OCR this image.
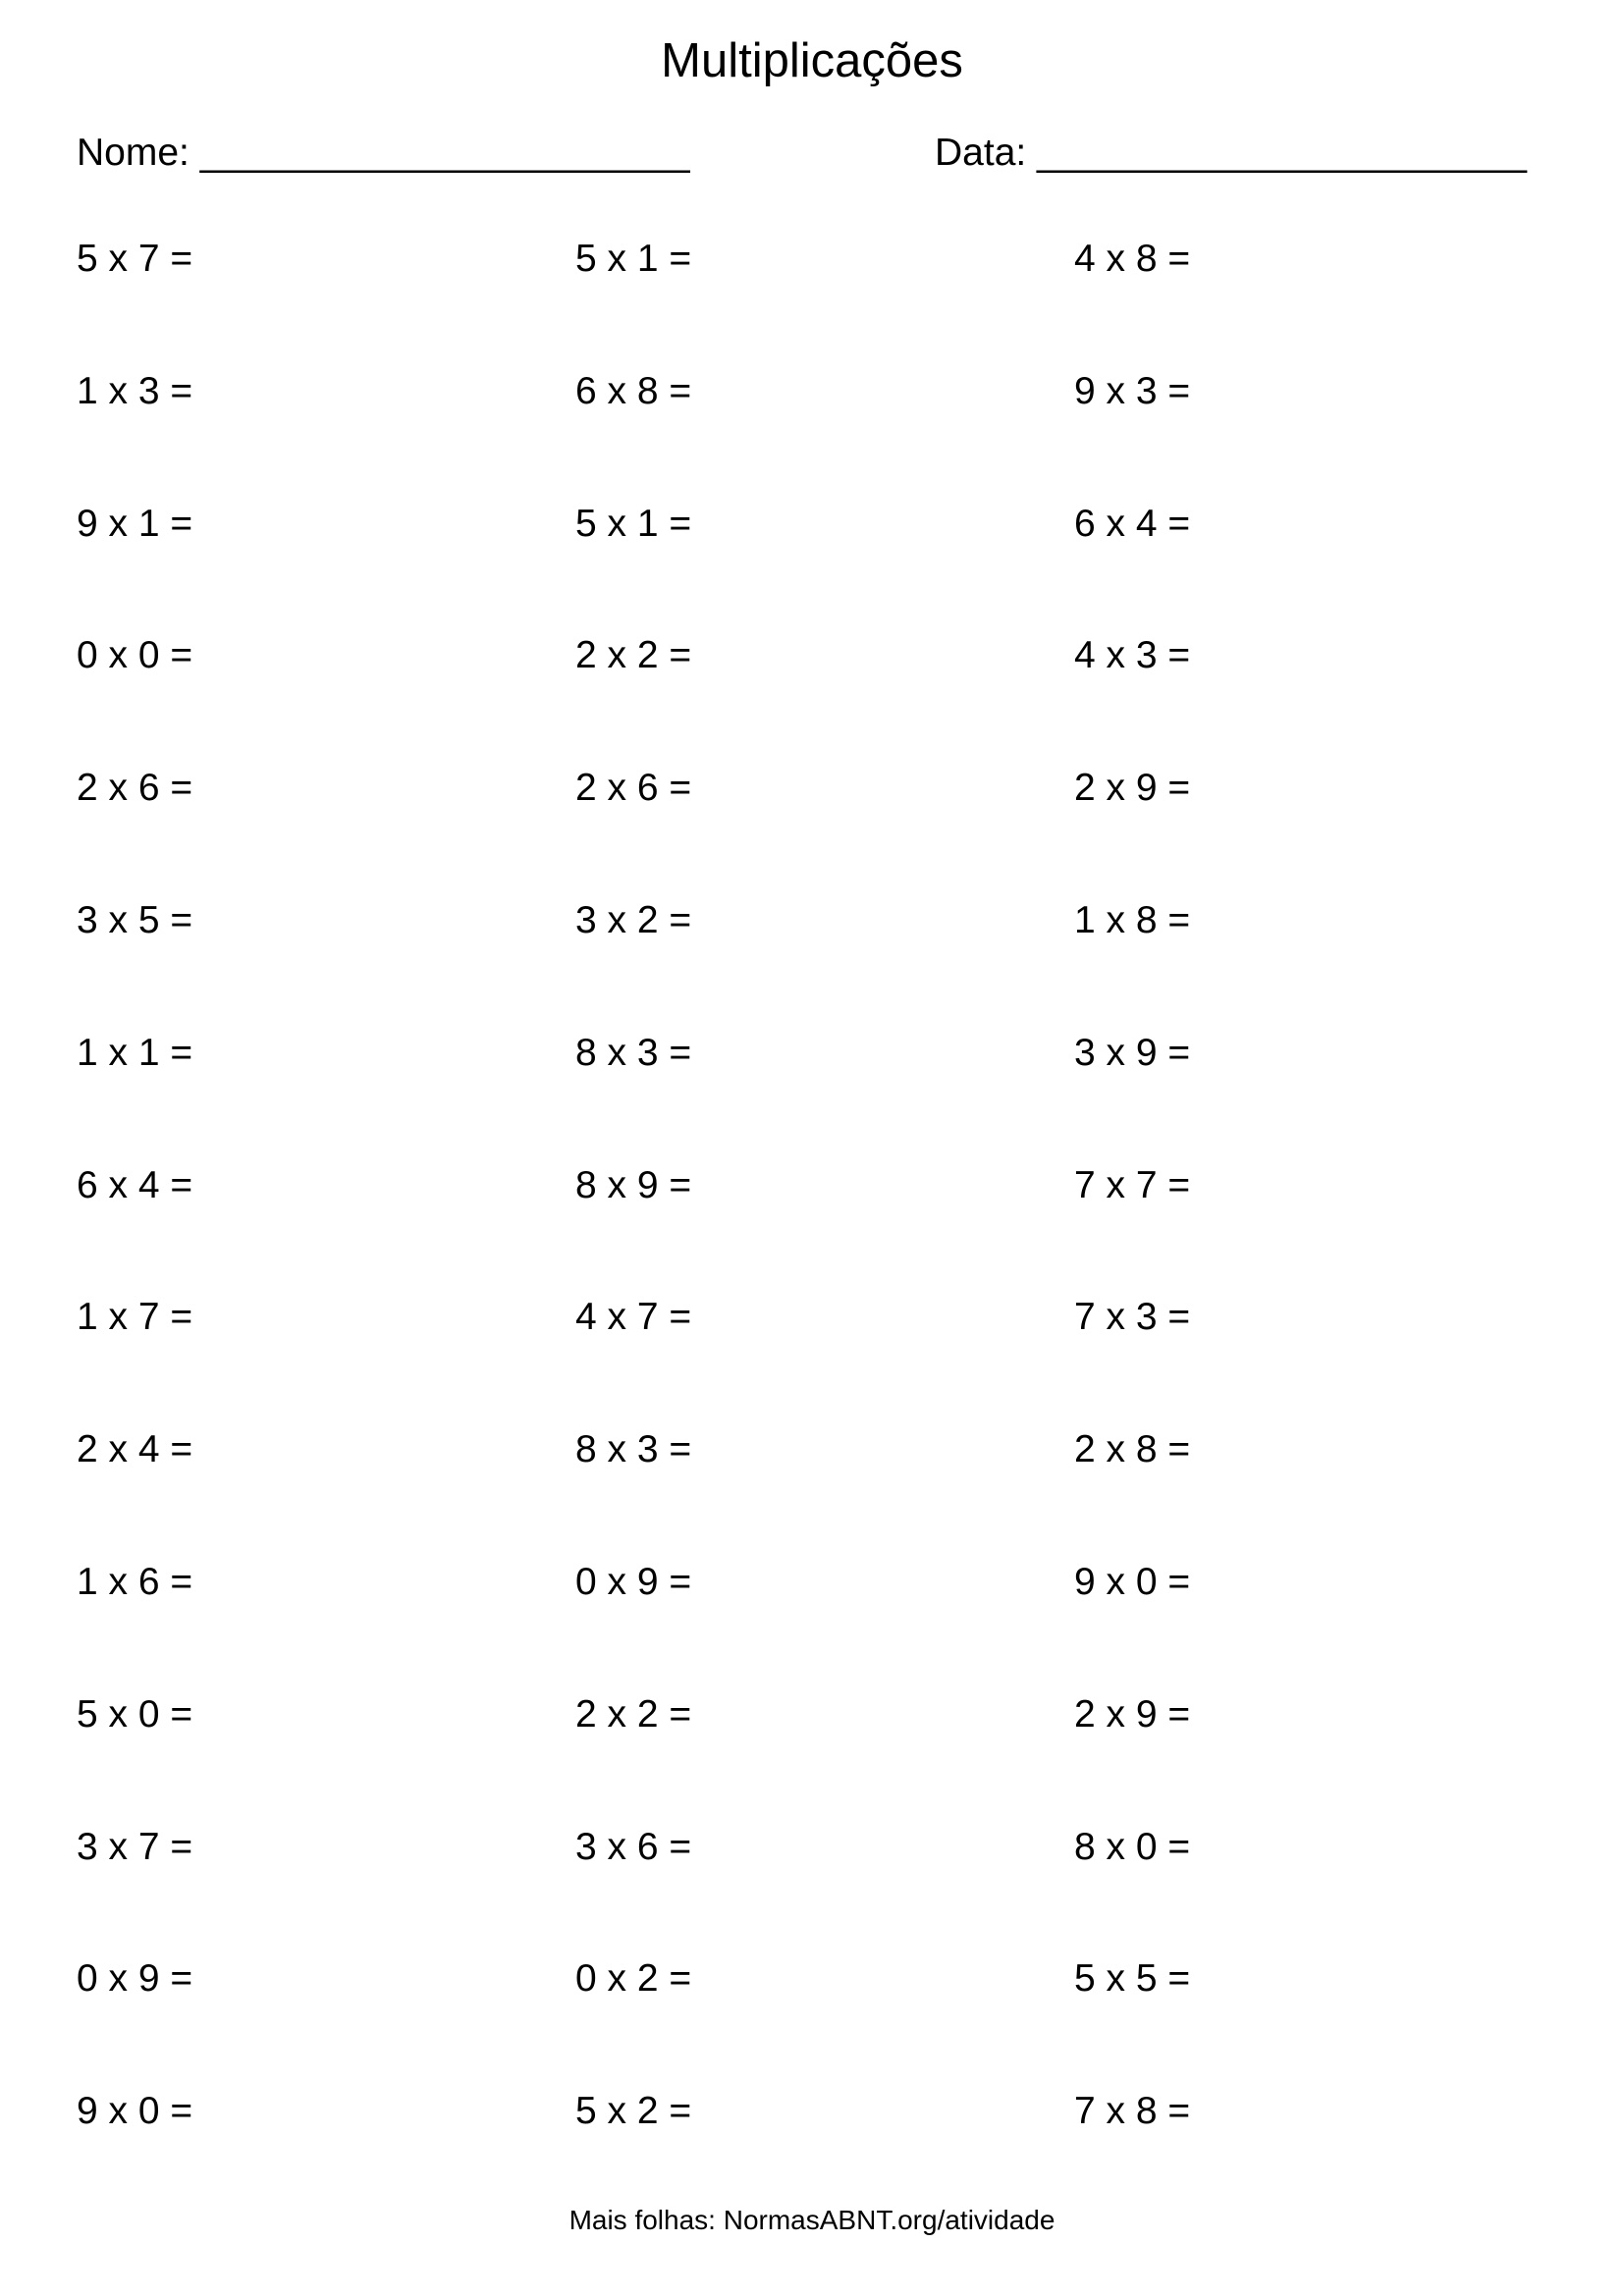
Multiplicações
Nome: _______________________	Data: _______________________
5 x 7 =	5 x 1 =	4 x 8 =
1 x 3 =	6 x 8 =	9 x 3 =
9 x 1 =	5 x 1 =	6 x 4 =
0 x 0 =	2 x 2 =	4 x 3 =
2 x 6 =	2 x 6 =	2 x 9 =
3 x 5 =	3 x 2 =	1 x 8 =
1 x 1 =	8 x 3 =	3 x 9 =
6 x 4 =	8 x 9 =	7 x 7 =
1 x 7 =	4 x 7 =	7 x 3 =
2 x 4 =	8 x 3 =	2 x 8 =
1 x 6 =	0 x 9 =	9 x 0 =
5 x 0 =	2 x 2 =	2 x 9 =
3 x 7 =	3 x 6 =	8 x 0 =
0 x 9 =	0 x 2 =	5 x 5 =
9 x 0 =	5 x 2 =	7 x 8 =
Mais folhas: NormasABNT.org/atividade
